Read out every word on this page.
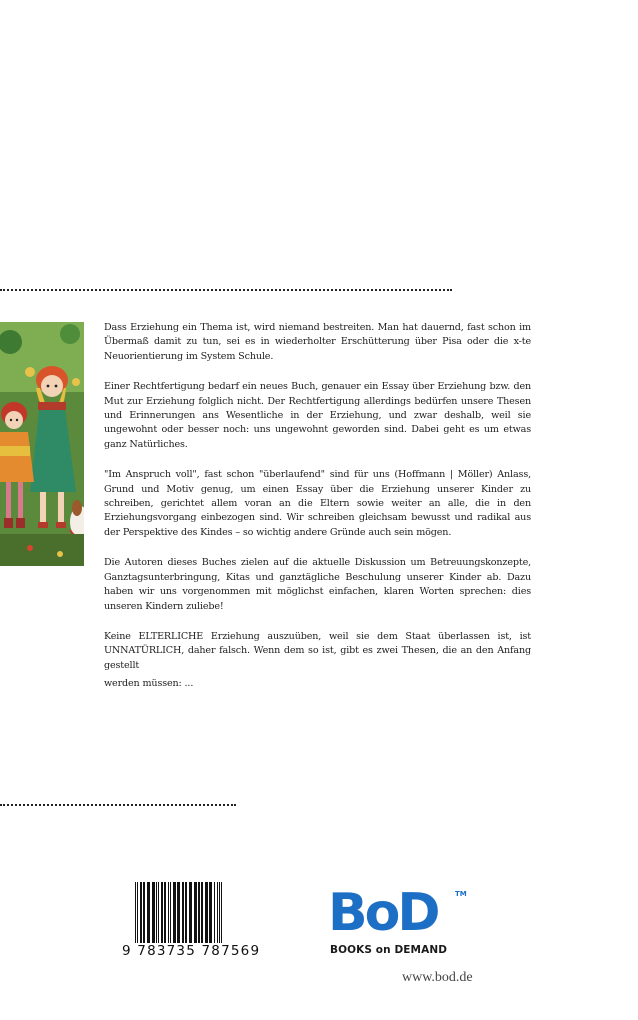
Dass Erziehung ein Thema ist, wird niemand bestreiten. Man hat dauernd, fast schon im Übermaß damit zu tun, sei es in wiederholter Erschütterung über Pisa oder die x-te Neuorientierung im System Schule.

Einer Rechtfertigung bedarf ein neues Buch, genauer ein Essay über Erziehung bzw. den Mut zur Erziehung folglich nicht. Der Rechtfertigung allerdings bedürfen unsere Thesen und Erinnerungen ans Wesentliche in der Erziehung, und zwar deshalb, weil sie ungewohnt oder besser noch: uns ungewohnt geworden sind. Dabei geht es um etwas ganz Natürliches.

"Im Anspruch voll", fast schon "überlaufend" sind für uns (Hoffmann | Möller) Anlass, Grund und Motiv genug, um einen Essay über die Erziehung unserer Kinder zu schreiben, gerichtet allem voran an die Eltern sowie weiter an alle, die in den Erziehungsvorgang einbezogen sind. Wir schreiben gleichsam bewusst und radikal aus der Perspektive des Kindes – so wichtig andere Gründe auch sein mögen.

Die Autoren dieses Buches zielen auf die aktuelle Diskussion um Betreuungskonzepte, Ganztagsunterbringung, Kitas und ganztägliche Beschulung unserer Kinder ab. Dazu haben wir uns vorgenommen mit möglichst einfachen, klaren Worten sprechen: dies unseren Kindern zuliebe!

Keine ELTERLICHE Erziehung auszuüben, weil sie dem Staat überlassen ist, ist UNNATÜRLICH, daher falsch. Wenn dem so ist, gibt es zwei Thesen, die an den Anfang gestellt

werden müssen: ...

9 783735 787569
BoD	TM
BOOKS on DEMAND
www.bod.de
